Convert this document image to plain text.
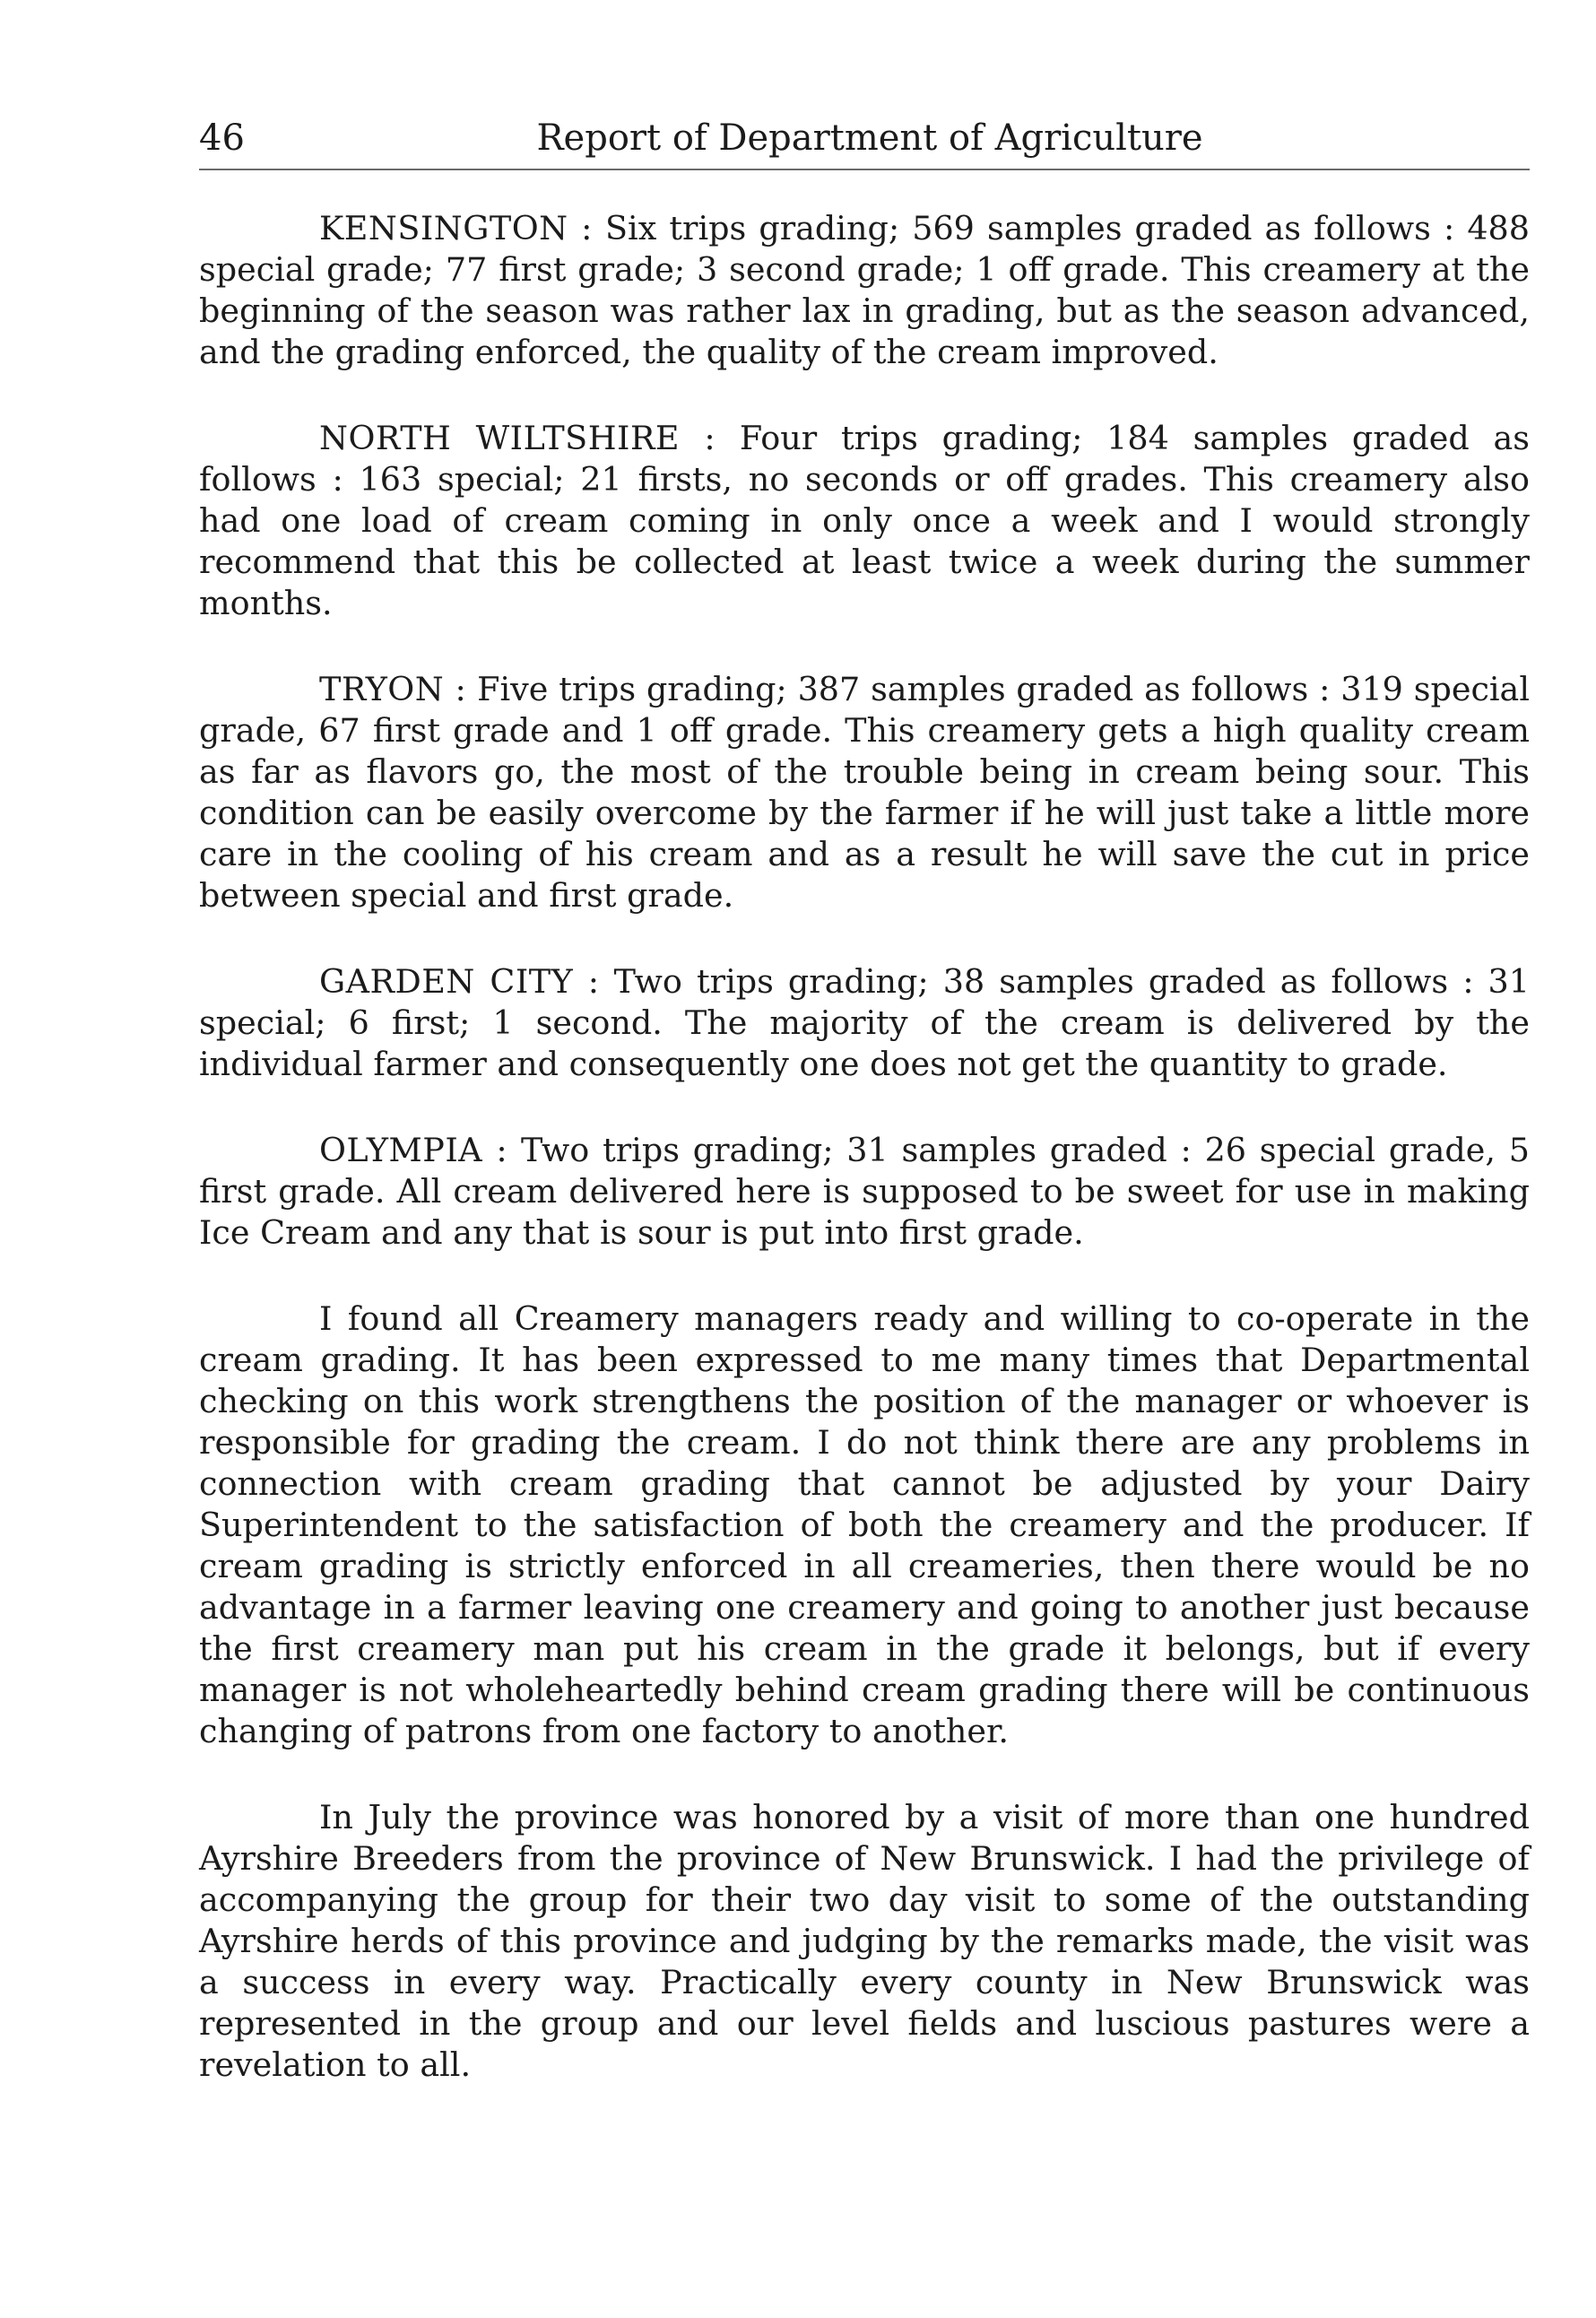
46	Report of Department of Agriculture

KENSINGTON : Six trips grading; 569 samples graded as follows : 488 special grade; 77 first grade; 3 second grade; 1 off grade. This creamery at the beginning of the season was rather lax in grading, but as the season advanced, and the grading enforced, the quality of the cream improved.

NORTH WILTSHIRE : Four trips grading; 184 samples graded as follows : 163 special; 21 firsts, no seconds or off grades. This creamery also had one load of cream coming in only once a week and I would strongly recommend that this be collected at least twice a week during the summer months.

TRYON : Five trips grading; 387 samples graded as follows : 319 special grade, 67 first grade and 1 off grade. This creamery gets a high quality cream as far as flavors go, the most of the trouble being in cream being sour. This condition can be easily overcome by the farmer if he will just take a little more care in the cooling of his cream and as a result he will save the cut in price between special and first grade.

GARDEN CITY : Two trips grading; 38 samples graded as follows : 31 special; 6 first; 1 second. The majority of the cream is delivered by the individual farmer and consequently one does not get the quantity to grade.

OLYMPIA : Two trips grading; 31 samples graded : 26 special grade, 5 first grade. All cream delivered here is supposed to be sweet for use in making Ice Cream and any that is sour is put into first grade.

I found all Creamery managers ready and willing to co-operate in the cream grading. It has been expressed to me many times that Departmental checking on this work strengthens the position of the manager or whoever is responsible for grading the cream. I do not think there are any problems in connection with cream grading that cannot be adjusted by your Dairy Superintendent to the satisfaction of both the creamery and the producer. If cream grading is strictly enforced in all creameries, then there would be no advantage in a farmer leaving one creamery and going to another just because the first creamery man put his cream in the grade it belongs, but if every manager is not wholeheartedly behind cream grading there will be continuous changing of patrons from one factory to another.

In July the province was honored by a visit of more than one hundred Ayrshire Breeders from the province of New Brunswick. I had the privilege of accompanying the group for their two day visit to some of the outstanding Ayrshire herds of this province and judging by the remarks made, the visit was a success in every way. Practically every county in New Brunswick was represented in the group and our level fields and luscious pastures were a revelation to all.
